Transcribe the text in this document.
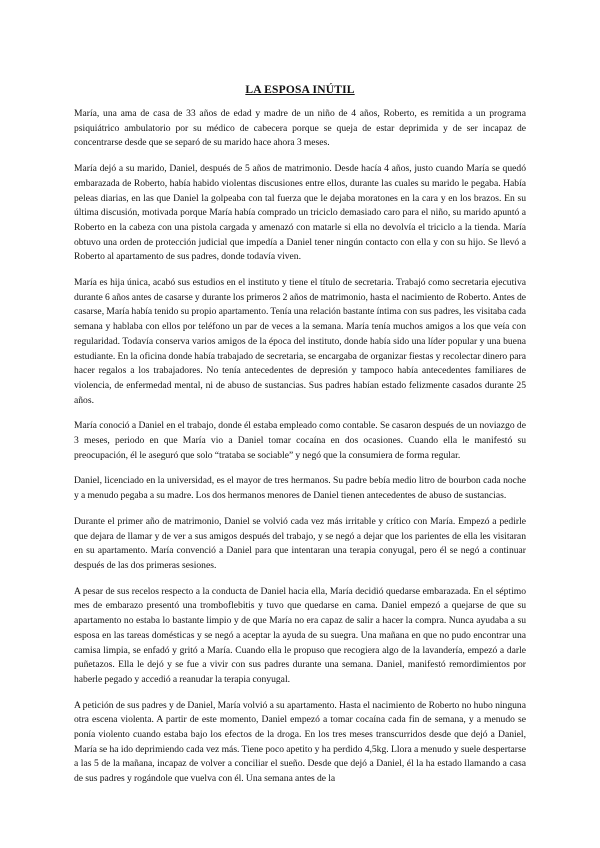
LA ESPOSA INÚTIL

María, una ama de casa de 33 años de edad y madre de un niño de 4 años, Roberto, es remitida a un programa psiquiátrico ambulatorio por su médico de cabecera porque se queja de estar deprimida y de ser incapaz de concentrarse desde que se separó de su marido hace ahora 3 meses.

María dejó a su marido, Daniel, después de 5 años de matrimonio. Desde hacía 4 años, justo cuando María se quedó embarazada de Roberto, había habido violentas discusiones entre ellos, durante las cuales su marido le pegaba. Había peleas diarias, en las que Daniel la golpeaba con tal fuerza que le dejaba moratones en la cara y en los brazos. En su última discusión, motivada porque María había comprado un triciclo demasiado caro para el niño, su marido apuntó a Roberto en la cabeza con una pistola cargada y amenazó con matarle si ella no devolvía el triciclo a la tienda. María obtuvo una orden de protección judicial que impedía a Daniel tener ningún contacto con ella y con su hijo. Se llevó a Roberto al apartamento de sus padres, donde todavía viven.

María es hija única, acabó sus estudios en el instituto y tiene el título de secretaria. Trabajó como secretaria ejecutiva durante 6 años antes de casarse y durante los primeros 2 años de matrimonio, hasta el nacimiento de Roberto. Antes de casarse, María había tenido su propio apartamento. Tenía una relación bastante íntima con sus padres, les visitaba cada semana y hablaba con ellos por teléfono un par de veces a la semana. María tenía muchos amigos a los que veía con regularidad. Todavía conserva varios amigos de la época del instituto, donde había sido una líder popular y una buena estudiante. En la oficina donde había trabajado de secretaria, se encargaba de organizar fiestas y recolectar dinero para hacer regalos a los trabajadores. No tenía antecedentes de depresión y tampoco había antecedentes familiares de violencia, de enfermedad mental, ni de abuso de sustancias. Sus padres habían estado felizmente casados durante 25 años.

María conoció a Daniel en el trabajo, donde él estaba empleado como contable. Se casaron después de un noviazgo de 3 meses, periodo en que María vio a Daniel tomar cocaína en dos ocasiones. Cuando ella le manifestó su preocupación, él le aseguró que solo “trataba se sociable” y negó que la consumiera de forma regular.

Daniel, licenciado en la universidad, es el mayor de tres hermanos. Su padre bebía medio litro de bourbon cada noche y a menudo pegaba a su madre. Los dos hermanos menores de Daniel tienen antecedentes de abuso de sustancias.

Durante el primer año de matrimonio, Daniel se volvió cada vez más irritable y crítico con María. Empezó a pedirle que dejara de llamar y de ver a sus amigos después del trabajo, y se negó a dejar que los parientes de ella les visitaran en su apartamento. María convenció a Daniel para que intentaran una terapia conyugal, pero él se negó a continuar después de las dos primeras sesiones.

A pesar de sus recelos respecto a la conducta de Daniel hacia ella, María decidió quedarse embarazada. En el séptimo mes de embarazo presentó una tromboflebitis y tuvo que quedarse en cama. Daniel empezó a quejarse de que su apartamento no estaba lo bastante limpio y de que María no era capaz de salir a hacer la compra. Nunca ayudaba a su esposa en las tareas domésticas y se negó a aceptar la ayuda de su suegra. Una mañana en que no pudo encontrar una camisa limpia, se enfadó y gritó a María. Cuando ella le propuso que recogiera algo de la lavandería, empezó a darle puñetazos. Ella le dejó y se fue a vivir con sus padres durante una semana. Daniel, manifestó remordimientos por haberle pegado y accedió a reanudar la terapia conyugal.

A petición de sus padres y de Daniel, María volvió a su apartamento. Hasta el nacimiento de Roberto no hubo ninguna otra escena violenta. A partir de este momento, Daniel empezó a tomar cocaína cada fin de semana, y a menudo se ponía violento cuando estaba bajo los efectos de la droga. En los tres meses transcurridos desde que dejó a Daniel, María se ha ido deprimiendo cada vez más. Tiene poco apetito y ha perdido 4,5kg. Llora a menudo y suele despertarse a las 5 de la mañana, incapaz de volver a conciliar el sueño. Desde que dejó a Daniel, él la ha estado llamando a casa de sus padres y rogándole que vuelva con él. Una semana antes de la
